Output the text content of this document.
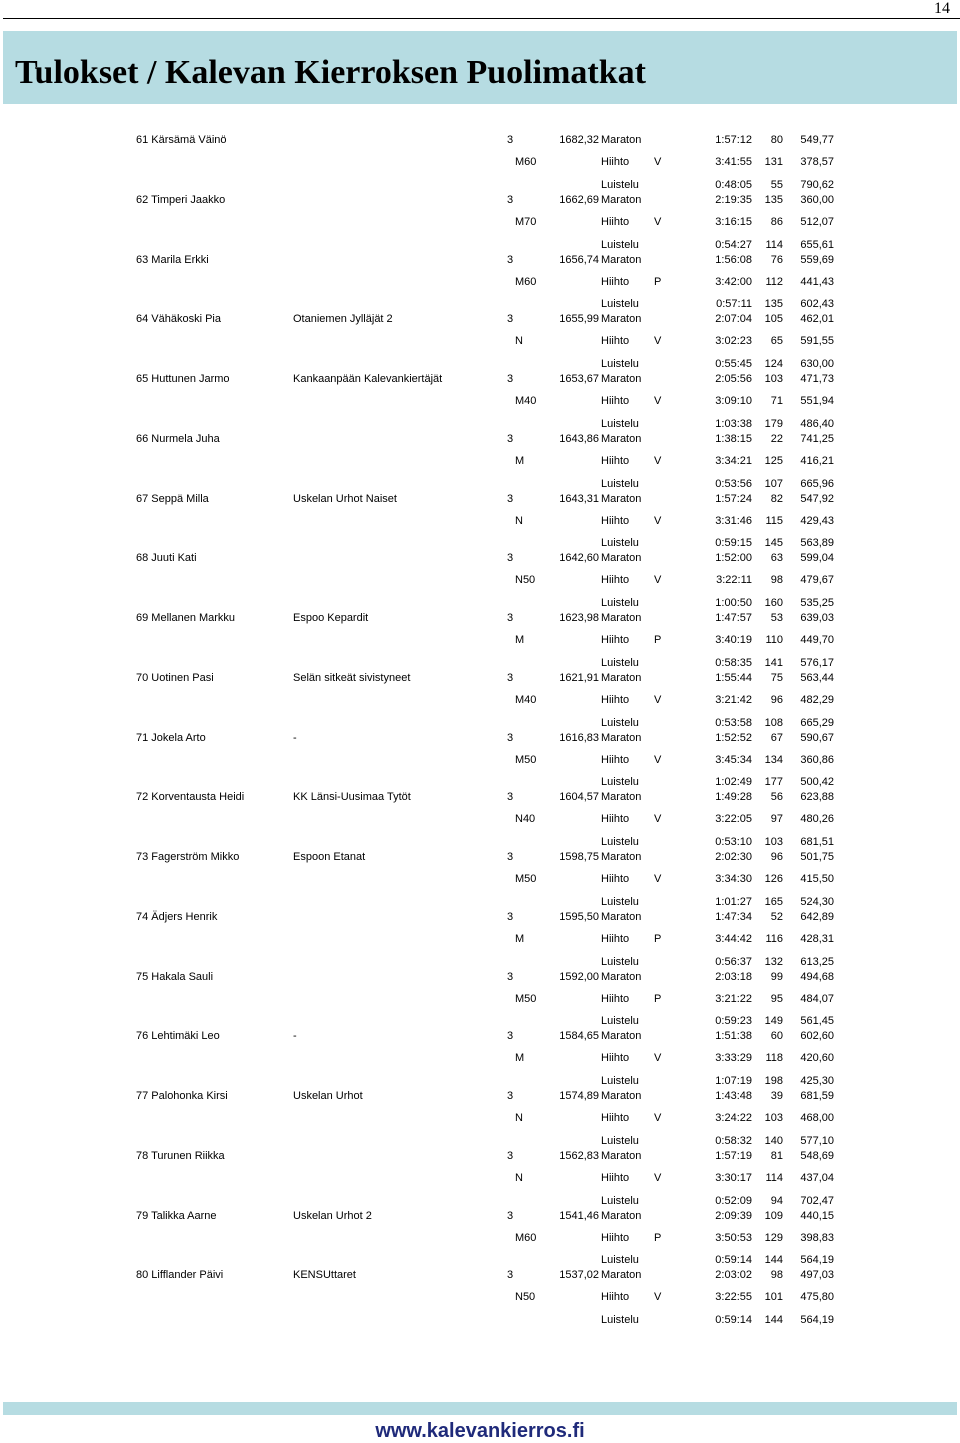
14
Tulokset / Kalevan Kierroksen Puolimatkat
61 Kärsämä Väinö	3	1682,32 Maraton	1:57:12	80	549,77
M60	Hiihto V	3:41:55	131	378,57
Luistelu	0:48:05	55	790,62
62 Timperi Jaakko	3	1662,69 Maraton	2:19:35	135	360,00
M70	Hiihto V	3:16:15	86	512,07
Luistelu	0:54:27	114	655,61
63 Marila Erkki	3	1656,74 Maraton	1:56:08	76	559,69
M60	Hiihto P	3:42:00	112	441,43
Luistelu	0:57:11	135	602,43
64 Vähäkoski Pia	Otaniemen Jylläjät 2	3	1655,99 Maraton	2:07:04	105	462,01
N	Hiihto V	3:02:23	65	591,55
Luistelu	0:55:45	124	630,00
65 Huttunen Jarmo	Kankaanpään Kalevankiertäjät	3	1653,67 Maraton	2:05:56	103	471,73
M40	Hiihto V	3:09:10	71	551,94
Luistelu	1:03:38	179	486,40
66 Nurmela Juha	3	1643,86 Maraton	1:38:15	22	741,25
M	Hiihto V	3:34:21	125	416,21
Luistelu	0:53:56	107	665,96
67 Seppä Milla	Uskelan Urhot Naiset	3	1643,31 Maraton	1:57:24	82	547,92
N	Hiihto V	3:31:46	115	429,43
Luistelu	0:59:15	145	563,89
68 Juuti Kati	3	1642,60 Maraton	1:52:00	63	599,04
N50	Hiihto V	3:22:11	98	479,67
Luistelu	1:00:50	160	535,25
69 Mellanen Markku	Espoo Kepardit	3	1623,98 Maraton	1:47:57	53	639,03
M	Hiihto P	3:40:19	110	449,70
Luistelu	0:58:35	141	576,17
70 Uotinen Pasi	Selän sitkeät sivistyneet	3	1621,91 Maraton	1:55:44	75	563,44
M40	Hiihto V	3:21:42	96	482,29
Luistelu	0:53:58	108	665,29
71 Jokela Arto	-	3	1616,83 Maraton	1:52:52	67	590,67
M50	Hiihto V	3:45:34	134	360,86
Luistelu	1:02:49	177	500,42
72 Korventausta Heidi	KK Länsi-Uusimaa Tytöt	3	1604,57 Maraton	1:49:28	56	623,88
N40	Hiihto V	3:22:05	97	480,26
Luistelu	0:53:10	103	681,51
73 Fagerström Mikko	Espoon Etanat	3	1598,75 Maraton	2:02:30	96	501,75
M50	Hiihto V	3:34:30	126	415,50
Luistelu	1:01:27	165	524,30
74 Ädjers Henrik	3	1595,50 Maraton	1:47:34	52	642,89
M	Hiihto P	3:44:42	116	428,31
Luistelu	0:56:37	132	613,25
75 Hakala Sauli	3	1592,00 Maraton	2:03:18	99	494,68
M50	Hiihto P	3:21:22	95	484,07
Luistelu	0:59:23	149	561,45
76 Lehtimäki Leo	-	3	1584,65 Maraton	1:51:38	60	602,60
M	Hiihto V	3:33:29	118	420,60
Luistelu	1:07:19	198	425,30
77 Palohonka Kirsi	Uskelan Urhot	3	1574,89 Maraton	1:43:48	39	681,59
N	Hiihto V	3:24:22	103	468,00
Luistelu	0:58:32	140	577,10
78 Turunen Riikka	3	1562,83 Maraton	1:57:19	81	548,69
N	Hiihto V	3:30:17	114	437,04
Luistelu	0:52:09	94	702,47
79 Talikka Aarne	Uskelan Urhot 2	3	1541,46 Maraton	2:09:39	109	440,15
M60	Hiihto P	3:50:53	129	398,83
Luistelu	0:59:14	144	564,19
80 Lifflander Päivi	KENSUttaret	3	1537,02 Maraton	2:03:02	98	497,03
N50	Hiihto V	3:22:55	101	475,80
Luistelu	0:59:14	144	564,19
www.kalevankierros.fi
